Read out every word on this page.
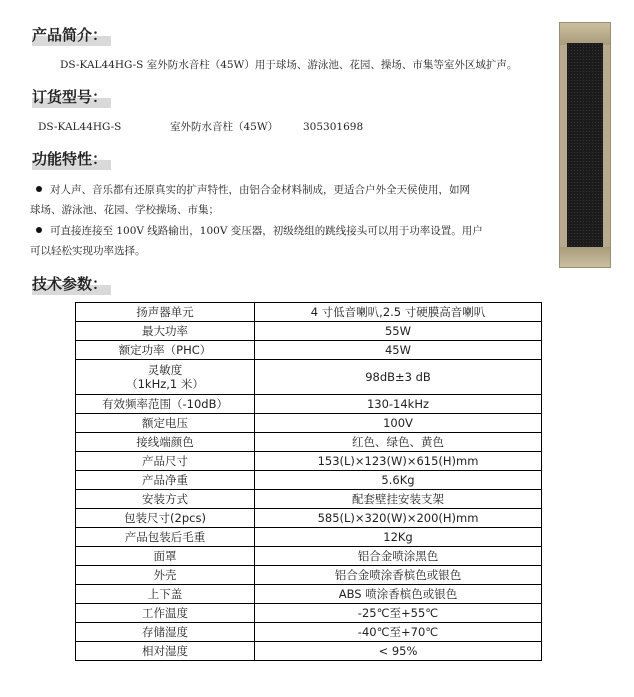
产品简介：
DS-KAL44HG-S 室外防水音柱（45W）用于球场、游泳池、花园、操场、市集等室外区域扩声。
订货型号：
DS-KAL44HG-S	室外防水音柱（45W） 305301698
功能特性：
对人声、音乐都有还原真实的扩声特性，由铝合金材料制成，更适合户外全天侯使用，如网
球场、游泳池、花园、学校操场、市集；
可直接连接至 100V 线路输出，100V 变压器，初级绕组的跳线接头可以用于功率设置。用户
可以轻松实现功率选择。
技术参数：
扬声器单元	4 寸低音喇叭,2.5 寸硬膜高音喇叭
最大功率	55W
额定功率（PHC）	45W

灵敏度
（1kHz,1 米）	98dB±3 dB
有效频率范围（-10dB）	130-14kHz
额定电压	100V
接线端颜色	红色、绿色、黄色
产品尺寸	153(L)×123(W)×615(H)mm
产品净重	5.6Kg
安装方式	配套壁挂安装支架
包装尺寸(2pcs)	585(L)×320(W)×200(H)mm
产品包装后毛重	12Kg
面罩	铝合金喷涂黑色
外壳	铝合金喷涂香槟色或银色
上下盖	ABS 喷涂香槟色或银色
工作温度	-25℃至+55℃
存储湿度	-40℃至+70℃
相对湿度	< 95%
